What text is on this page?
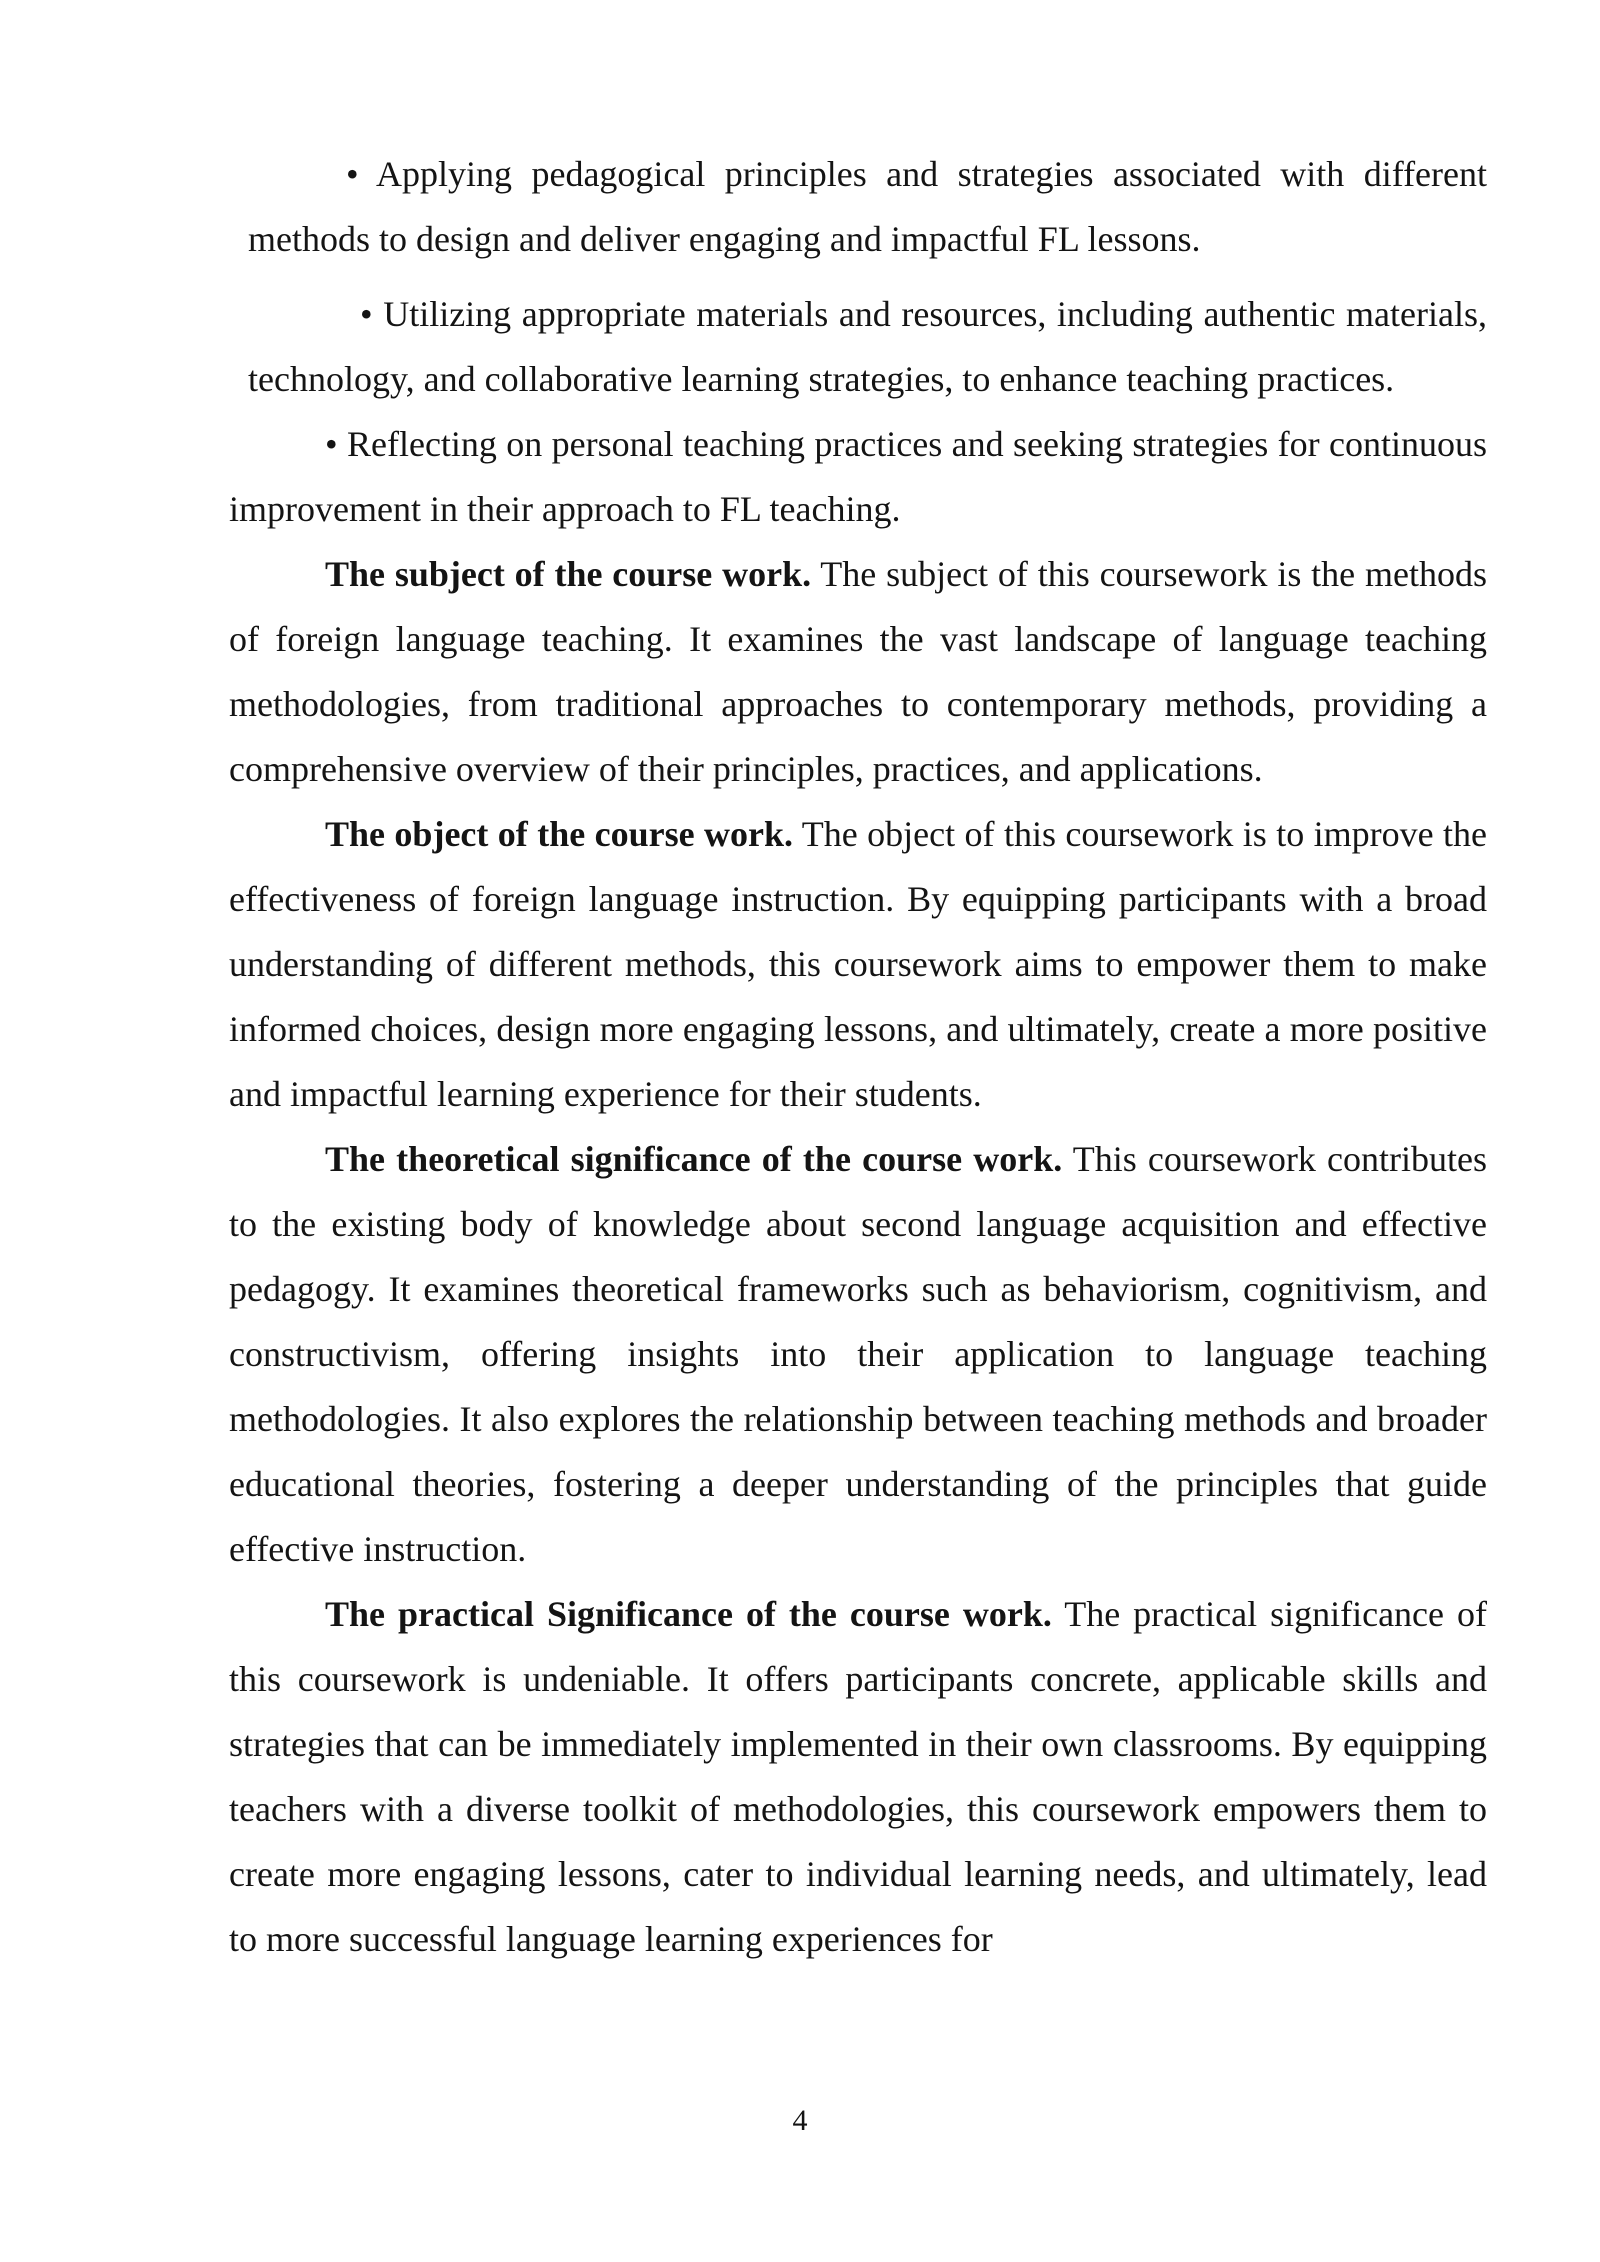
• Applying pedagogical principles and strategies associated with different methods to design and deliver engaging and impactful FL lessons.

• Utilizing appropriate materials and resources, including authentic materials, technology, and collaborative learning strategies, to enhance teaching practices.

• Reflecting on personal teaching practices and seeking strategies for continuous improvement in their approach to FL teaching.

The subject of the course work. The subject of this coursework is the methods of foreign language teaching. It examines the vast landscape of language teaching methodologies, from traditional approaches to contemporary methods, providing a comprehensive overview of their principles, practices, and applications.

The object of the course work. The object of this coursework is to improve the effectiveness of foreign language instruction. By equipping participants with a broad understanding of different methods, this coursework aims to empower them to make informed choices, design more engaging lessons, and ultimately, create a more positive and impactful learning experience for their students.

The theoretical significance of the course work. This coursework contributes to the existing body of knowledge about second language acquisition and effective pedagogy. It examines theoretical frameworks such as behaviorism, cognitivism, and constructivism, offering insights into their application to language teaching methodologies. It also explores the relationship between teaching methods and broader educational theories, fostering a deeper understanding of the principles that guide effective instruction.

The practical Significance of the course work. The practical significance of this coursework is undeniable. It offers participants concrete, applicable skills and strategies that can be immediately implemented in their own classrooms. By equipping teachers with a diverse toolkit of methodologies, this coursework empowers them to create more engaging lessons, cater to individual learning needs, and ultimately, lead to more successful language learning experiences for

4
